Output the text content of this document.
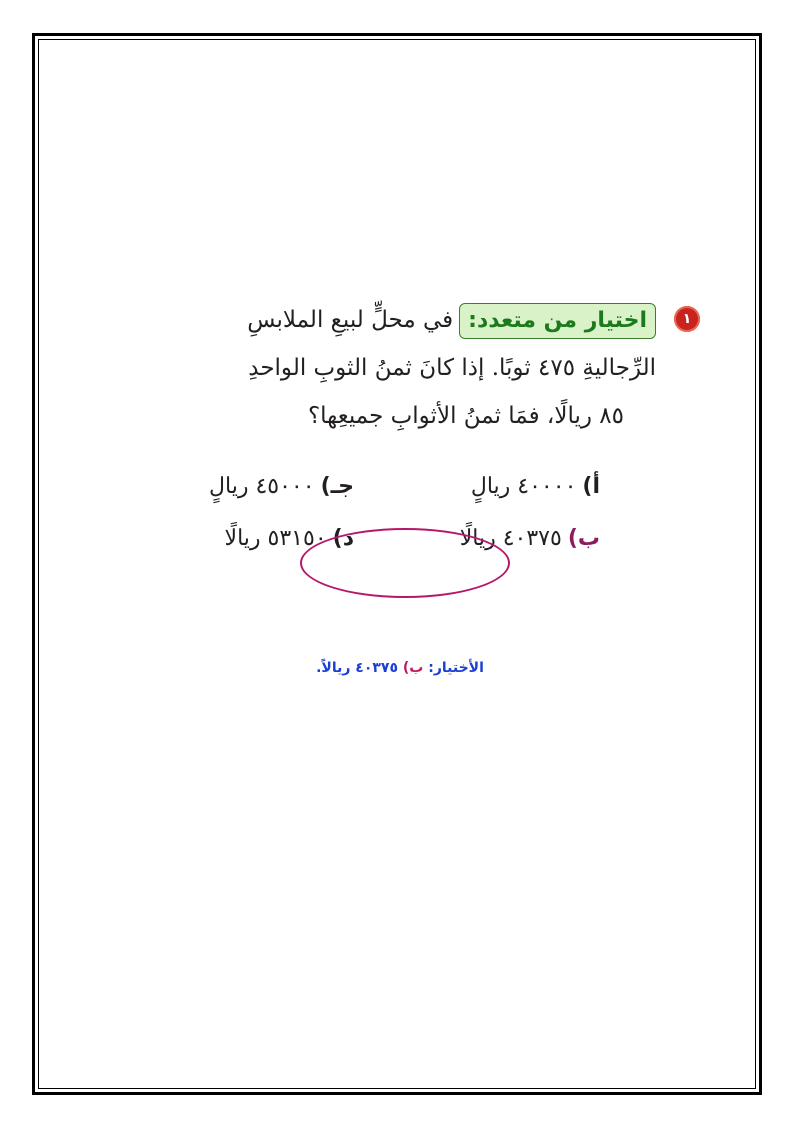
١
اختيار من متعدد:في محلٍّ لبيعِ الملابسِ
الرِّجاليةِ ٤٧٥ ثوبًا. إذا كانَ ثمنُ الثوبِ الواحدِ
٨٥ ريالًا، فمَا ثمنُ الأثوابِ جميعِها؟
أ)٤٠٠٠٠ ريالٍ
جـ)٤٥٠٠٠ ريالٍ
ب)٤٠٣٧٥ ريالًا
د)٥٣١٥٠ ريالًا
الأختيار: ب) ٤٠٣٧٥ ريالاً.
